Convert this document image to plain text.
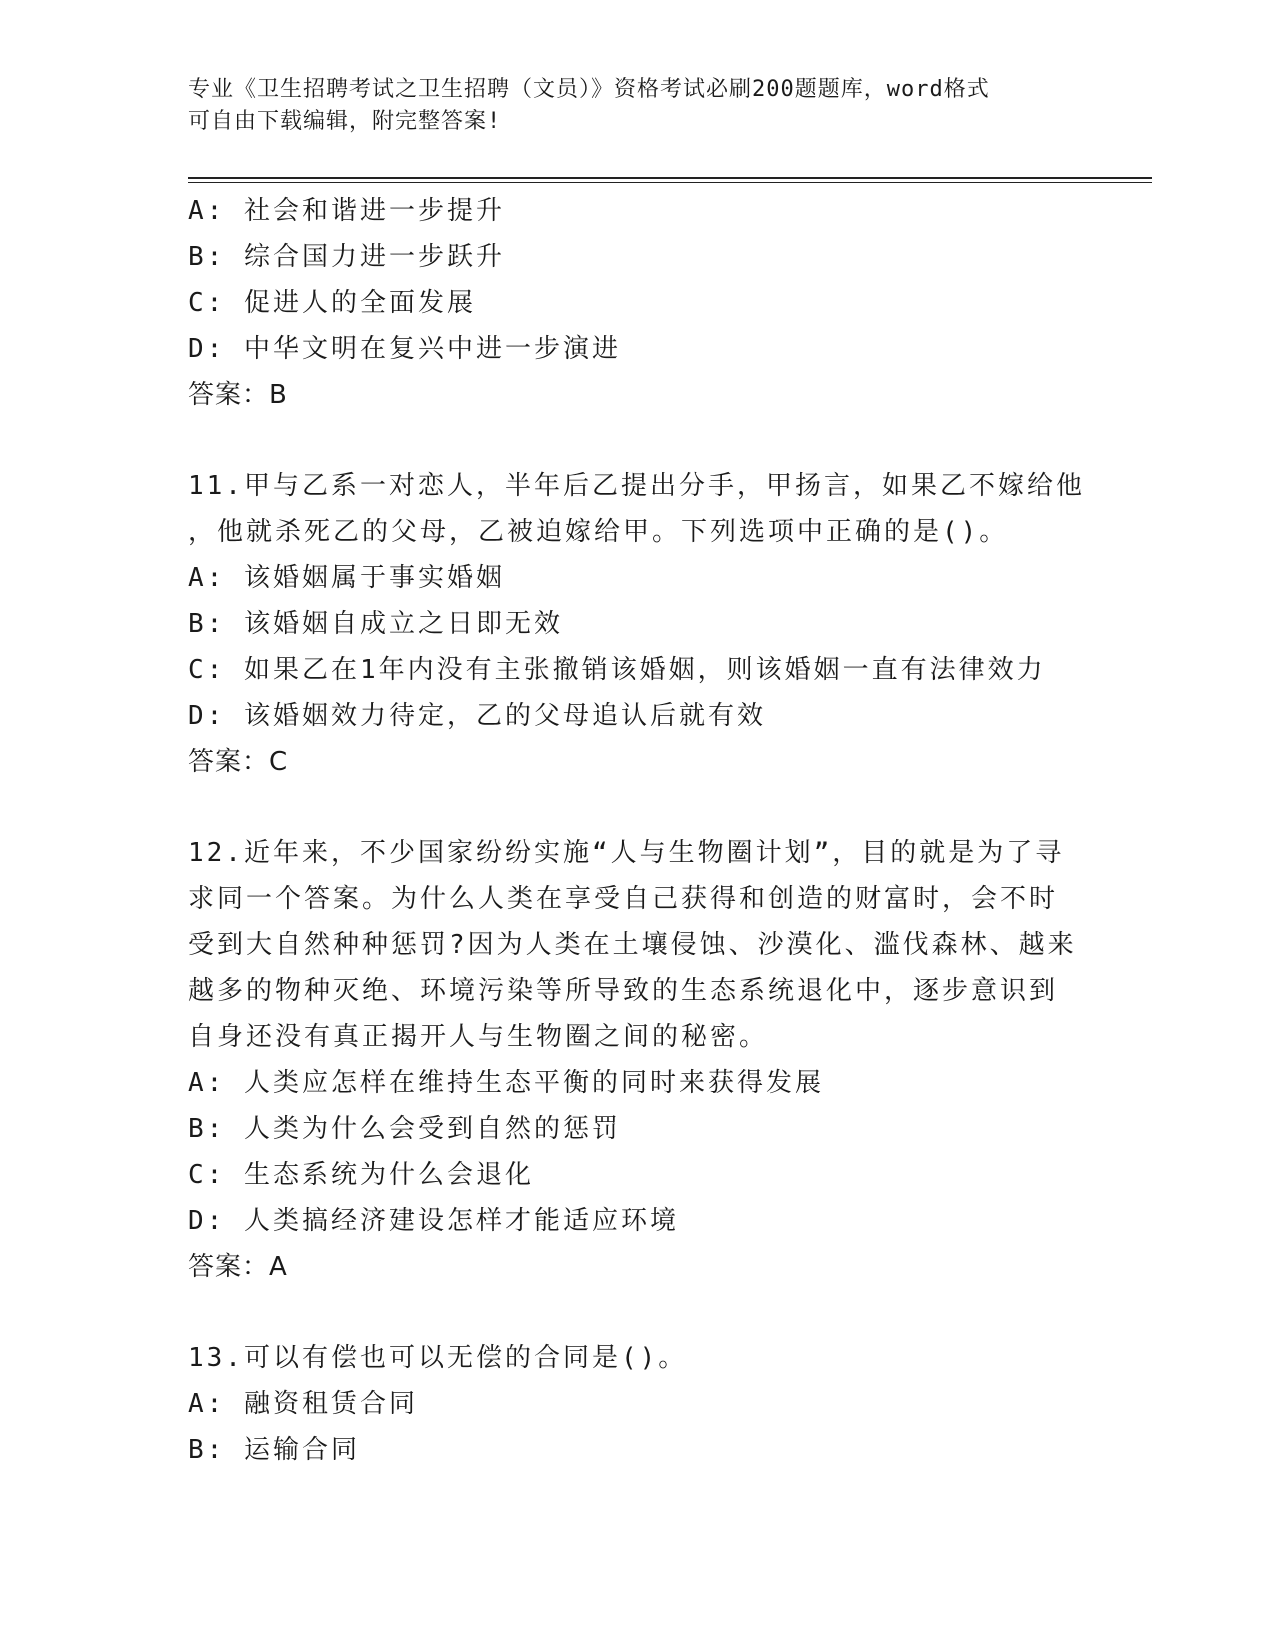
专业《卫生招聘考试之卫生招聘（文员）》资格考试必刷200题题库，word格式
可自由下载编辑，附完整答案!
A: 社会和谐进一步提升
B: 综合国力进一步跃升
C: 促进人的全面发展
D: 中华文明在复兴中进一步演进
答案：B
11.甲与乙系一对恋人，半年后乙提出分手，甲扬言，如果乙不嫁给他
，他就杀死乙的父母，乙被迫嫁给甲。下列选项中正确的是()。
A: 该婚姻属于事实婚姻
B: 该婚姻自成立之日即无效
C: 如果乙在1年内没有主张撤销该婚姻，则该婚姻一直有法律效力
D: 该婚姻效力待定，乙的父母追认后就有效
答案：C
12.近年来，不少国家纷纷实施“人与生物圈计划”，目的就是为了寻
求同一个答案。为什么人类在享受自己获得和创造的财富时，会不时
受到大自然种种惩罚?因为人类在土壤侵蚀、沙漠化、滥伐森林、越来
越多的物种灭绝、环境污染等所导致的生态系统退化中，逐步意识到
自身还没有真正揭开人与生物圈之间的秘密。
A: 人类应怎样在维持生态平衡的同时来获得发展
B: 人类为什么会受到自然的惩罚
C: 生态系统为什么会退化
D: 人类搞经济建设怎样才能适应环境
答案：A
13.可以有偿也可以无偿的合同是()。
A: 融资租赁合同
B: 运输合同
